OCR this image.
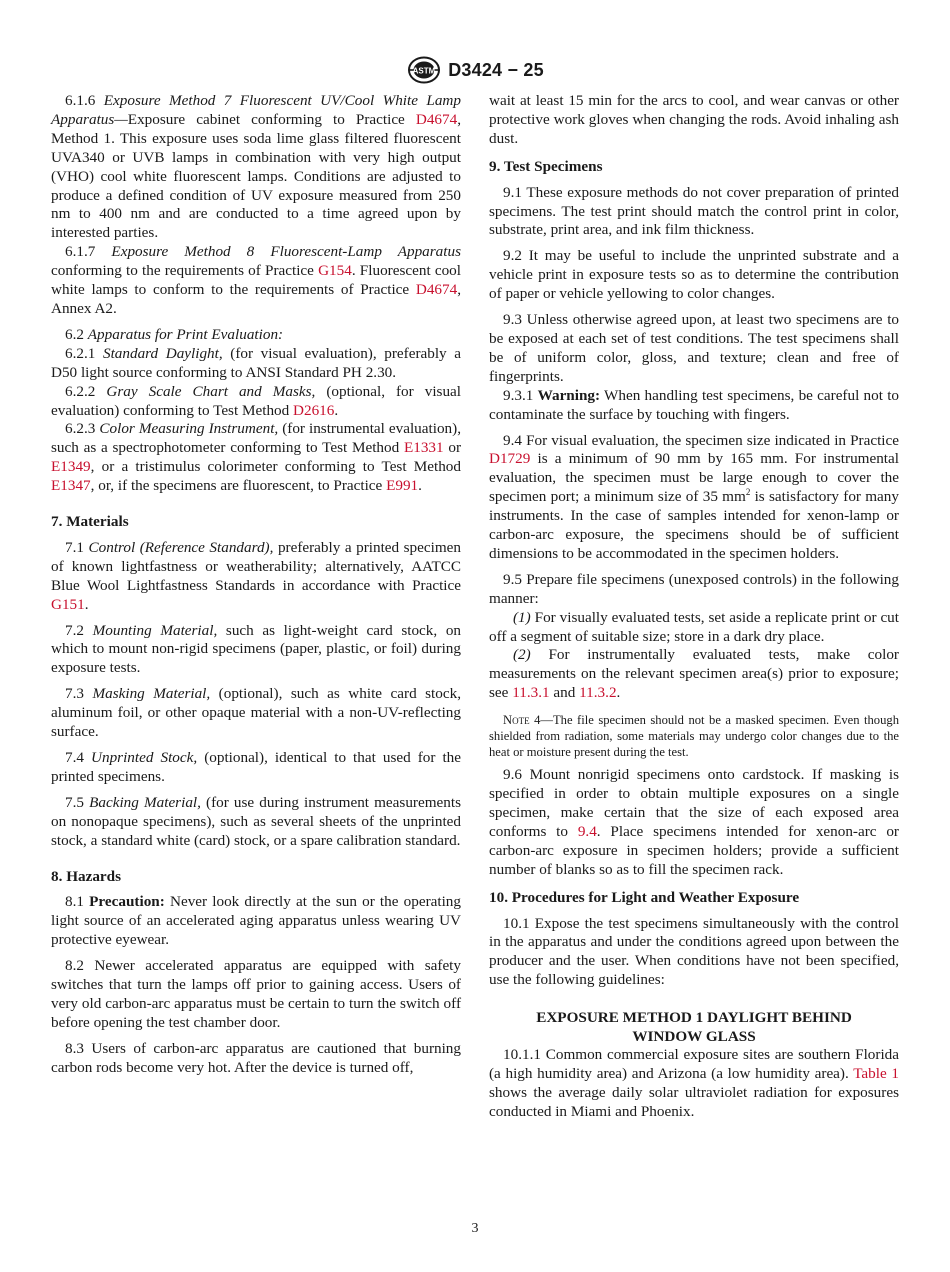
ASTM D3424 − 25

6.1.6 Exposure Method 7 Fluorescent UV/Cool White Lamp Apparatus—Exposure cabinet conforming to Practice D4674, Method 1. This exposure uses soda lime glass filtered fluorescent UVA340 or UVB lamps in combination with very high output (VHO) cool white fluorescent lamps. Conditions are adjusted to produce a defined condition of UV exposure measured from 250 nm to 400 nm and are conducted to a time agreed upon by interested parties.

6.1.7 Exposure Method 8 Fluorescent-Lamp Apparatus conforming to the requirements of Practice G154. Fluorescent cool white lamps to conform to the requirements of Practice D4674, Annex A2.

6.2 Apparatus for Print Evaluation:

6.2.1 Standard Daylight, (for visual evaluation), preferably a D50 light source conforming to ANSI Standard PH 2.30.

6.2.2 Gray Scale Chart and Masks, (optional, for visual evaluation) conforming to Test Method D2616.

6.2.3 Color Measuring Instrument, (for instrumental evaluation), such as a spectrophotometer conforming to Test Method E1331 or E1349, or a tristimulus colorimeter conforming to Test Method E1347, or, if the specimens are fluorescent, to Practice E991.

7. Materials

7.1 Control (Reference Standard), preferably a printed specimen of known lightfastness or weatherability; alternatively, AATCC Blue Wool Lightfastness Standards in accordance with Practice G151.

7.2 Mounting Material, such as light-weight card stock, on which to mount non-rigid specimens (paper, plastic, or foil) during exposure tests.

7.3 Masking Material, (optional), such as white card stock, aluminum foil, or other opaque material with a non-UV-reflecting surface.

7.4 Unprinted Stock, (optional), identical to that used for the printed specimens.

7.5 Backing Material, (for use during instrument measurements on nonopaque specimens), such as several sheets of the unprinted stock, a standard white (card) stock, or a spare calibration standard.

8. Hazards

8.1 Precaution: Never look directly at the sun or the operating light source of an accelerated aging apparatus unless wearing UV protective eyewear.

8.2 Newer accelerated apparatus are equipped with safety switches that turn the lamps off prior to gaining access. Users of very old carbon-arc apparatus must be certain to turn the switch off before opening the test chamber door.

8.3 Users of carbon-arc apparatus are cautioned that burning carbon rods become very hot. After the device is turned off,

wait at least 15 min for the arcs to cool, and wear canvas or other protective work gloves when changing the rods. Avoid inhaling ash dust.

9. Test Specimens

9.1 These exposure methods do not cover preparation of printed specimens. The test print should match the control print in color, substrate, print area, and ink film thickness.

9.2 It may be useful to include the unprinted substrate and a vehicle print in exposure tests so as to determine the contribution of paper or vehicle yellowing to color changes.

9.3 Unless otherwise agreed upon, at least two specimens are to be exposed at each set of test conditions. The test specimens shall be of uniform color, gloss, and texture; clean and free of fingerprints.

9.3.1 Warning: When handling test specimens, be careful not to contaminate the surface by touching with fingers.

9.4 For visual evaluation, the specimen size indicated in Practice D1729 is a minimum of 90 mm by 165 mm. For instrumental evaluation, the specimen must be large enough to cover the specimen port; a minimum size of 35 $mm^2$ is satisfactory for many instruments. In the case of samples intended for xenon-lamp or carbon-arc exposure, the specimens should be of sufficient dimensions to be accommodated in the specimen holders.

9.5 Prepare file specimens (unexposed controls) in the following manner:

(1) For visually evaluated tests, set aside a replicate print or cut off a segment of suitable size; store in a dark dry place.

(2) For instrumentally evaluated tests, make color measurements on the relevant specimen area(s) prior to exposure; see 11.3.1 and 11.3.2.

Note 4—The file specimen should not be a masked specimen. Even though shielded from radiation, some materials may undergo color changes due to the heat or moisture present during the test.

9.6 Mount nonrigid specimens onto cardstock. If masking is specified in order to obtain multiple exposures on a single specimen, make certain that the size of each exposed area conforms to 9.4. Place specimens intended for xenon-arc or carbon-arc exposure in specimen holders; provide a sufficient number of blanks so as to fill the specimen rack.

10. Procedures for Light and Weather Exposure

10.1 Expose the test specimens simultaneously with the control in the apparatus and under the conditions agreed upon between the producer and the user. When conditions have not been specified, use the following guidelines:

EXPOSURE METHOD 1 DAYLIGHT BEHIND
WINDOW GLASS

10.1.1 Common commercial exposure sites are southern Florida (a high humidity area) and Arizona (a low humidity area). Table 1 shows the average daily solar ultraviolet radiation for exposures conducted in Miami and Phoenix.

3
